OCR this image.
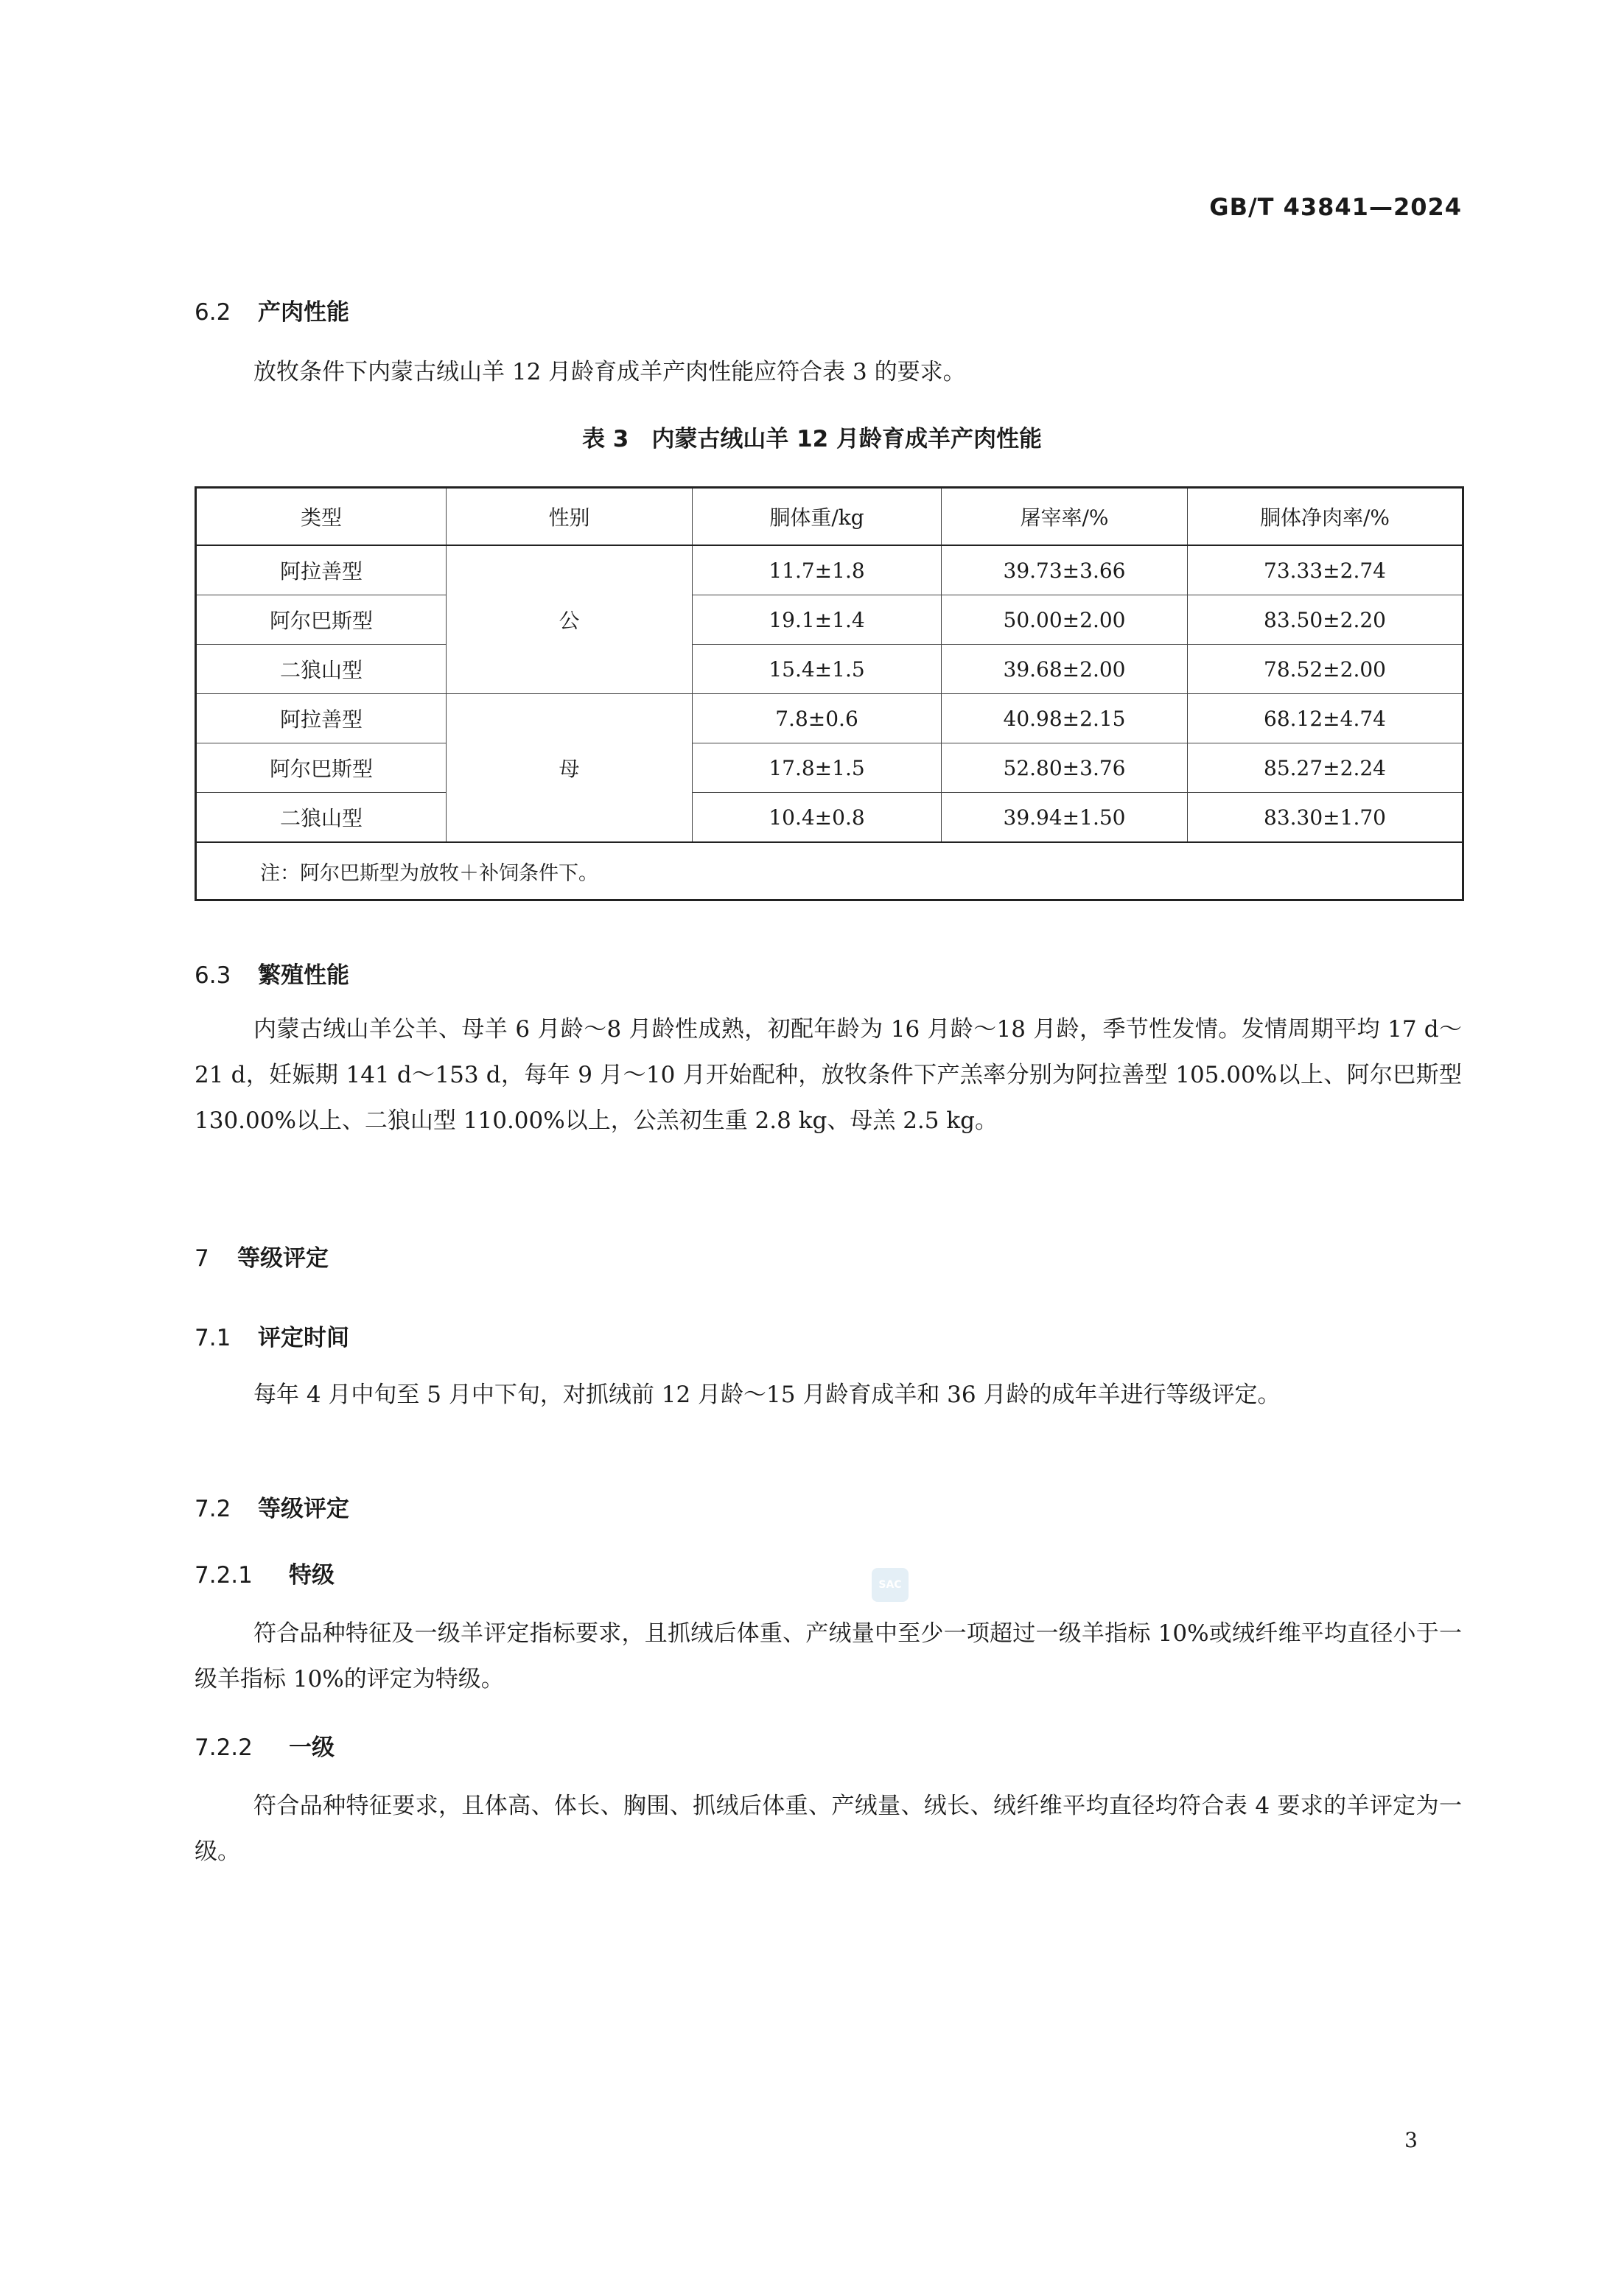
GB/T 43841—2024
6.2 产肉性能
放牧条件下内蒙古绒山羊 12 月龄育成羊产肉性能应符合表 3 的要求。
表 3　内蒙古绒山羊 12 月龄育成羊产肉性能
类型	性别	胴体重/kg	屠宰率/%	胴体净肉率/%
阿拉善型	公	11.7±1.8	39.73±3.66	73.33±2.74
阿尔巴斯型		19.1±1.4	50.00±2.00	83.50±2.20
二狼山型		15.4±1.5	39.68±2.00	78.52±2.00
阿拉善型	母	7.8±0.6	40.98±2.15	68.12±4.74
阿尔巴斯型		17.8±1.5	52.80±3.76	85.27±2.24
二狼山型		10.4±0.8	39.94±1.50	83.30±1.70
注：阿尔巴斯型为放牧＋补饲条件下。				
6.3 繁殖性能
内蒙古绒山羊公羊、母羊 6 月龄～8 月龄性成熟，初配年龄为 16 月龄～18 月龄，季节性发情。发情周期平均 17 d～21 d，妊娠期 141 d～153 d，每年 9 月～10 月开始配种，放牧条件下产羔率分别为阿拉善型 105.00%以上、阿尔巴斯型 130.00%以上、二狼山型 110.00%以上，公羔初生重 2.8 kg、母羔 2.5 kg。
7 等级评定
7.1 评定时间
每年 4 月中旬至 5 月中下旬，对抓绒前 12 月龄～15 月龄育成羊和 36 月龄的成年羊进行等级评定。
7.2 等级评定
7.2.1 特级	SAC
符合品种特征及一级羊评定指标要求，且抓绒后体重、产绒量中至少一项超过一级羊指标 10%或绒纤维平均直径小于一级羊指标 10%的评定为特级。
7.2.2 一级
符合品种特征要求，且体高、体长、胸围、抓绒后体重、产绒量、绒长、绒纤维平均直径均符合表 4 要求的羊评定为一级。
3
